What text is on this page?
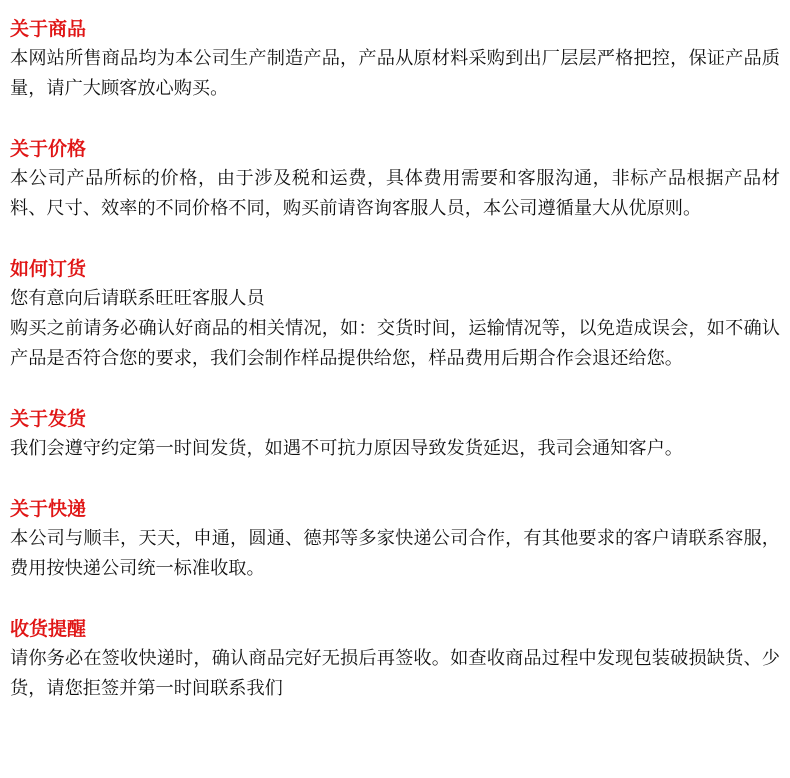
关于商品

本网站所售商品均为本公司生产制造产品，产品从原材料采购到出厂层层严格把控，保证产品质量，请广大顾客放心购买。

关于价格

本公司产品所标的价格，由于涉及税和运费，具体费用需要和客服沟通，非标产品根据产品材料、尺寸、效率的不同价格不同，购买前请咨询客服人员，本公司遵循量大从优原则。

如何订货

您有意向后请联系旺旺客服人员

购买之前请务必确认好商品的相关情况，如：交货时间，运输情况等，以免造成误会，如不确认产品是否符合您的要求，我们会制作样品提供给您，样品费用后期合作会退还给您。

关于发货

我们会遵守约定第一时间发货，如遇不可抗力原因导致发货延迟，我司会通知客户。

关于快递

本公司与顺丰，天天，申通，圆通、德邦等多家快递公司合作，有其他要求的客户请联系容服，费用按快递公司统一标准收取。

收货提醒

请你务必在签收快递时，确认商品完好无损后再签收。如查收商品过程中发现包装破损缺货、少货，请您拒签并第一时间联系我们
